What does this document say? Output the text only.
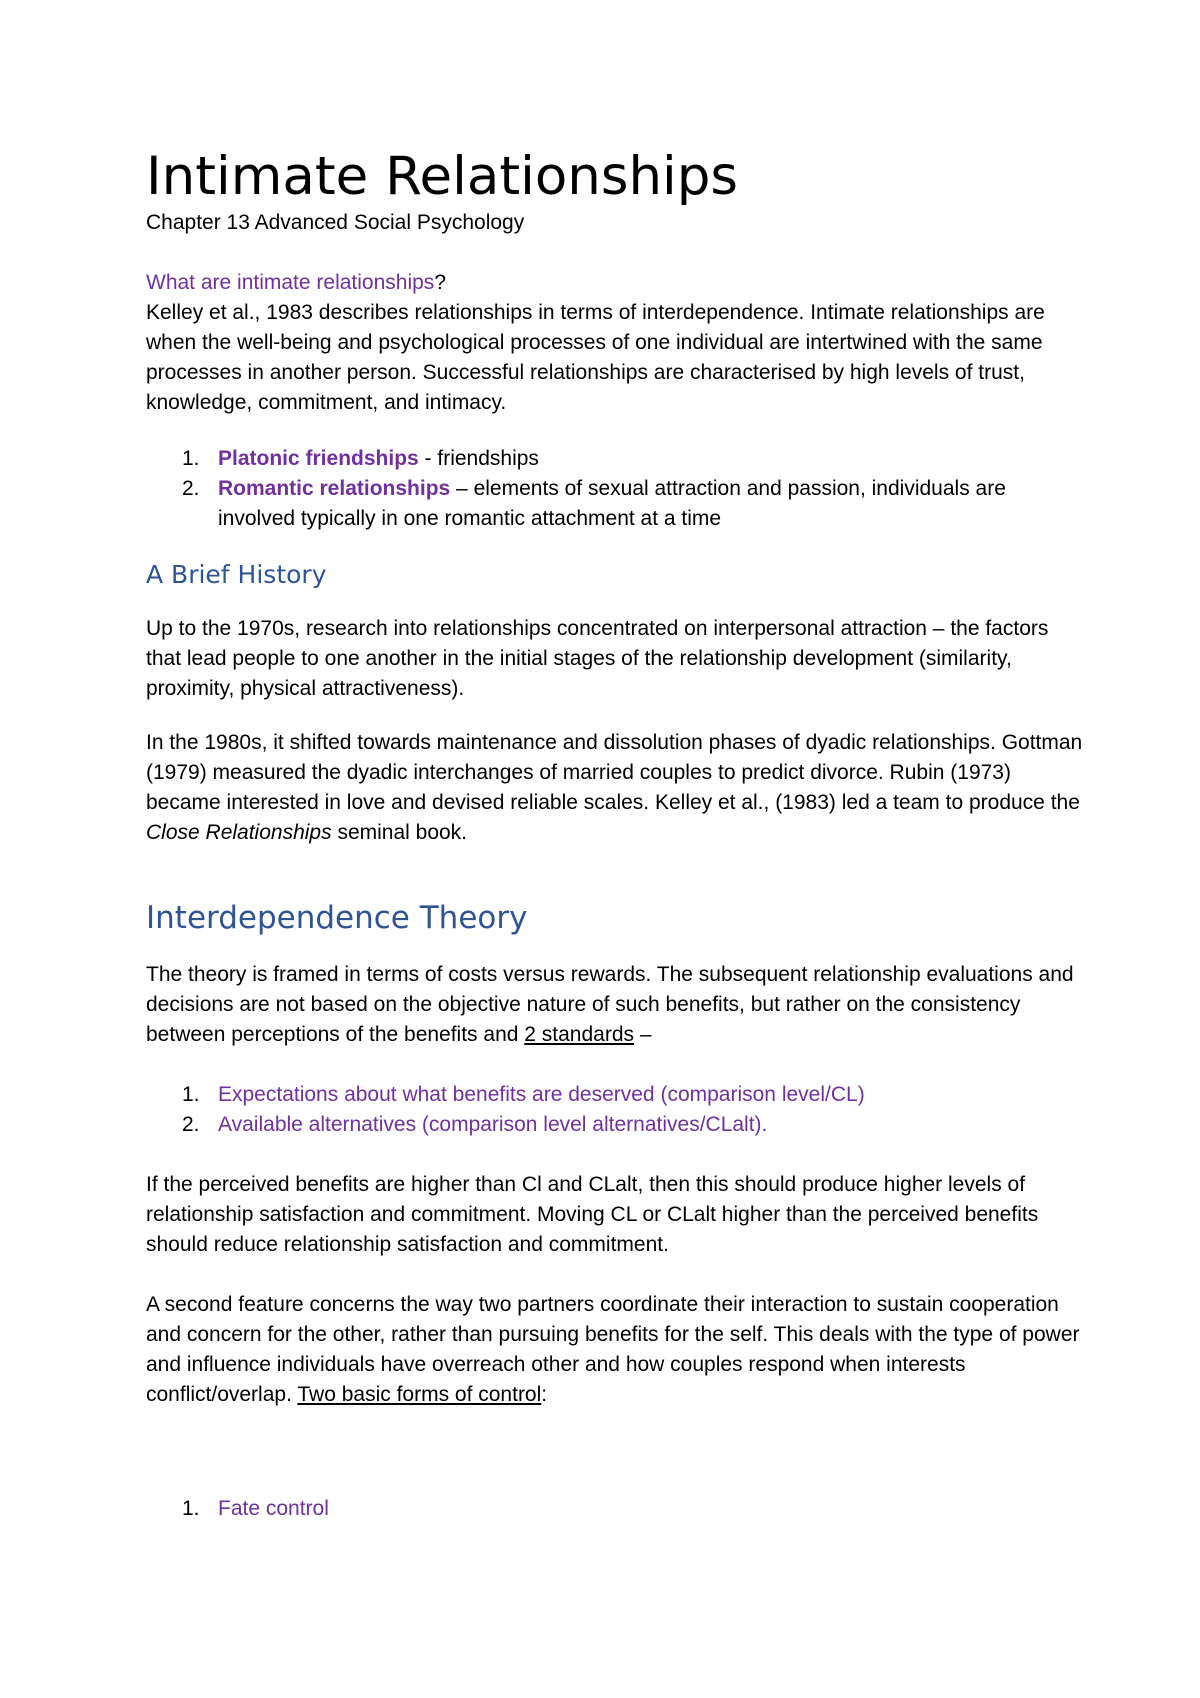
Intimate Relationships

Chapter 13 Advanced Social Psychology

What are intimate relationships?

Kelley et al., 1983 describes relationships in terms of interdependence. Intimate relationships are when the well-being and psychological processes of one individual are intertwined with the same processes in another person. Successful relationships are characterised by high levels of trust, knowledge, commitment, and intimacy.

1. Platonic friendships - friendships
2. Romantic relationships – elements of sexual attraction and passion, individuals are involved typically in one romantic attachment at a time
A Brief History

Up to the 1970s, research into relationships concentrated on interpersonal attraction – the factors that lead people to one another in the initial stages of the relationship development (similarity, proximity, physical attractiveness).

In the 1980s, it shifted towards maintenance and dissolution phases of dyadic relationships. Gottman (1979) measured the dyadic interchanges of married couples to predict divorce. Rubin (1973) became interested in love and devised reliable scales. Kelley et al., (1983) led a team to produce the Close Relationships seminal book.

Interdependence Theory

The theory is framed in terms of costs versus rewards. The subsequent relationship evaluations and decisions are not based on the objective nature of such benefits, but rather on the consistency between perceptions of the benefits and 2 standards –

1. Expectations about what benefits are deserved (comparison level/CL)
2. Available alternatives (comparison level alternatives/CLalt).

If the perceived benefits are higher than Cl and CLalt, then this should produce higher levels of relationship satisfaction and commitment. Moving CL or CLalt higher than the perceived benefits should reduce relationship satisfaction and commitment.

A second feature concerns the way two partners coordinate their interaction to sustain cooperation and concern for the other, rather than pursuing benefits for the self. This deals with the type of power and influence individuals have overreach other and how couples respond when interests conflict/overlap. Two basic forms of control:

1. Fate control
